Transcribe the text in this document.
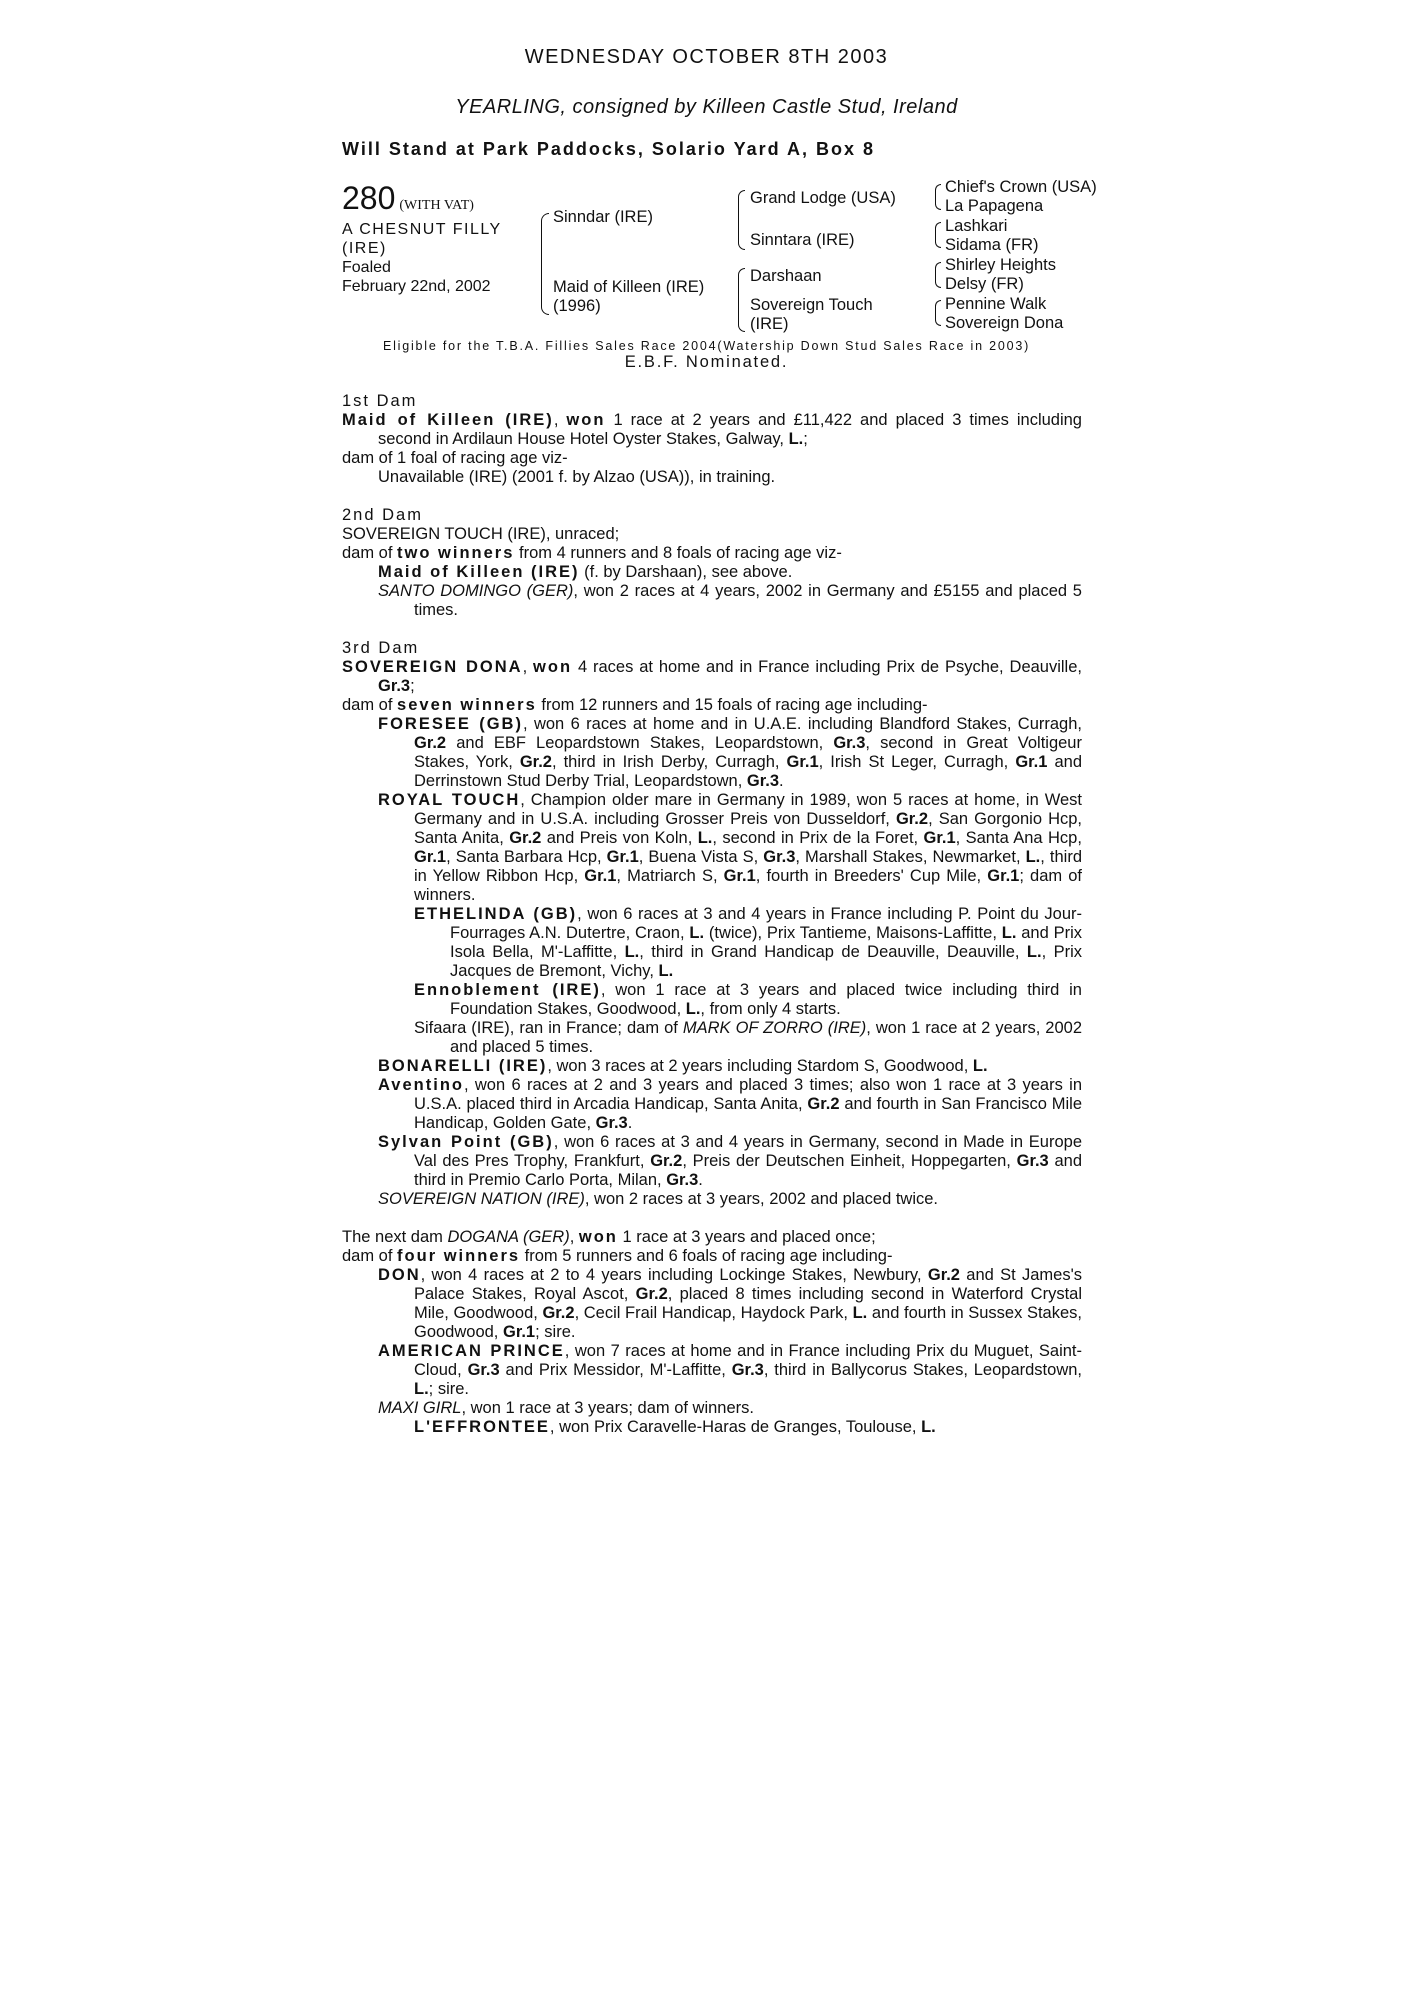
WEDNESDAY OCTOBER 8TH 2003
YEARLING, consigned by Killeen Castle Stud, Ireland
Will Stand at Park Paddocks, Solario Yard A, Box 8
280 (WITH VAT)
A CHESNUT FILLY
(IRE)
Foaled
February 22nd, 2002
Sinndar (IRE)
Maid of Killeen (IRE)
(1996)
Grand Lodge (USA)
Sinntara (IRE)
Darshaan
Sovereign Touch
(IRE)
Chief's Crown (USA)
La Papagena
Lashkari
Sidama (FR)
Shirley Heights
Delsy (FR)
Pennine Walk
Sovereign Dona
Eligible for the T.B.A. Fillies Sales Race 2004(Watership Down Stud Sales Race in 2003)
E.B.F. Nominated.

1st Dam

Maid of Killeen (IRE), won 1 race at 2 years and £11,422 and placed 3 times including second in Ardilaun House Hotel Oyster Stakes, Galway, L.;

dam of 1 foal of racing age viz-

Unavailable (IRE) (2001 f. by Alzao (USA)), in training.

2nd Dam

SOVEREIGN TOUCH (IRE), unraced;

dam of two winners from 4 runners and 8 foals of racing age viz-

Maid of Killeen (IRE) (f. by Darshaan), see above.

SANTO DOMINGO (GER), won 2 races at 4 years, 2002 in Germany and £5155 and placed 5 times.

3rd Dam

SOVEREIGN DONA, won 4 races at home and in France including Prix de Psyche, Deauville, Gr.3;

dam of seven winners from 12 runners and 15 foals of racing age including-

FORESEE (GB), won 6 races at home and in U.A.E. including Blandford Stakes, Curragh, Gr.2 and EBF Leopardstown Stakes, Leopardstown, Gr.3, second in Great Voltigeur Stakes, York, Gr.2, third in Irish Derby, Curragh, Gr.1, Irish St Leger, Curragh, Gr.1 and Derrinstown Stud Derby Trial, Leopardstown, Gr.3.

ROYAL TOUCH, Champion older mare in Germany in 1989, won 5 races at home, in West Germany and in U.S.A. including Grosser Preis von Dusseldorf, Gr.2, San Gorgonio Hcp, Santa Anita, Gr.2 and Preis von Koln, L., second in Prix de la Foret, Gr.1, Santa Ana Hcp, Gr.1, Santa Barbara Hcp, Gr.1, Buena Vista S, Gr.3, Marshall Stakes, Newmarket, L., third in Yellow Ribbon Hcp, Gr.1, Matriarch S, Gr.1, fourth in Breeders' Cup Mile, Gr.1; dam of winners.

ETHELINDA (GB), won 6 races at 3 and 4 years in France including P. Point du Jour-Fourrages A.N. Dutertre, Craon, L. (twice), Prix Tantieme, Maisons-Laffitte, L. and Prix Isola Bella, M'-Laffitte, L., third in Grand Handicap de Deauville, Deauville, L., Prix Jacques de Bremont, Vichy, L.

Ennoblement (IRE), won 1 race at 3 years and placed twice including third in Foundation Stakes, Goodwood, L., from only 4 starts.

Sifaara (IRE), ran in France; dam of MARK OF ZORRO (IRE), won 1 race at 2 years, 2002 and placed 5 times.

BONARELLI (IRE), won 3 races at 2 years including Stardom S, Goodwood, L.

Aventino, won 6 races at 2 and 3 years and placed 3 times; also won 1 race at 3 years in U.S.A. placed third in Arcadia Handicap, Santa Anita, Gr.2 and fourth in San Francisco Mile Handicap, Golden Gate, Gr.3.

Sylvan Point (GB), won 6 races at 3 and 4 years in Germany, second in Made in Europe Val des Pres Trophy, Frankfurt, Gr.2, Preis der Deutschen Einheit, Hoppegarten, Gr.3 and third in Premio Carlo Porta, Milan, Gr.3.

SOVEREIGN NATION (IRE), won 2 races at 3 years, 2002 and placed twice.

The next dam DOGANA (GER), won 1 race at 3 years and placed once;

dam of four winners from 5 runners and 6 foals of racing age including-

DON, won 4 races at 2 to 4 years including Lockinge Stakes, Newbury, Gr.2 and St James's Palace Stakes, Royal Ascot, Gr.2, placed 8 times including second in Waterford Crystal Mile, Goodwood, Gr.2, Cecil Frail Handicap, Haydock Park, L. and fourth in Sussex Stakes, Goodwood, Gr.1; sire.

AMERICAN PRINCE, won 7 races at home and in France including Prix du Muguet, Saint-Cloud, Gr.3 and Prix Messidor, M'-Laffitte, Gr.3, third in Ballycorus Stakes, Leopardstown, L.; sire.

MAXI GIRL, won 1 race at 3 years; dam of winners.

L'EFFRONTEE, won Prix Caravelle-Haras de Granges, Toulouse, L.
